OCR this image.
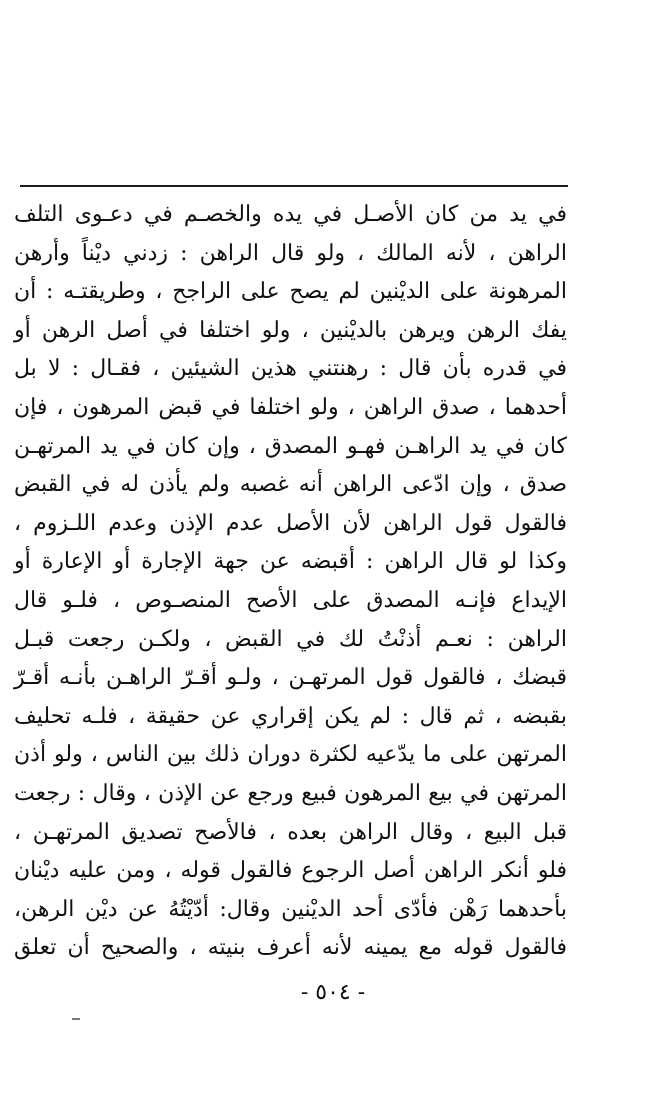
في يد من كان الأصـل في يده والخصـم في دعـوى التلف
الراهن ، لأنه المالك ، ولو قال الراهن : زدني ديْناً وأرهن
المرهونة على الديْنين لم يصح على الراجح ، وطريقتـه : أن
يفك الرهن ويرهن بالديْنين ، ولو اختلفا في أصل الرهن أو
في قدره بأن قال : رهنتني هذين الشيئين ، فقـال : لا بل
أحدهما ، صدق الراهن ، ولو اختلفا في قبض المرهون ، فإن
كان في يد الراهـن فهـو المصدق ، وإن كان في يد المرتهـن
صدق ، وإن ادّعى الراهن أنه غصبه ولم يأذن له في القبض
فالقول قول الراهن لأن الأصل عدم الإذن وعدم اللـزوم ،
وكذا لو قال الراهن : أقبضه عن جهة الإجارة أو الإعارة أو
الإيداع فإنـه المصدق على الأصح المنصـوص ، فلـو قال
الراهن : نعـم أذنْتُ لك في القبض ، ولكـن رجعت قبـل
قبضك ، فالقول قول المرتهـن ، ولـو أقـرّ الراهـن بأنـه أقـرّ
بقبضه ، ثم قال : لم يكن إقراري عن حقيقة ، فلـه تحليف
المرتهن على ما يدّعيه لكثرة دوران ذلك بين الناس ، ولو أذن
المرتهن في بيع المرهون فبيع ورجع عن الإذن ، وقال : رجعت
قبل البيع ، وقال الراهن بعده ، فالأصح تصديق المرتهـن ،
فلو أنكر الراهن أصل الرجوع فالقول قوله ، ومن عليه ديْنان
بأحدهما رَهْن فأدّى أحد الديْنين وقال: أدّيْتُهُ عن ديْن الرهن،
فالقول قوله مع يمينه لأنه أعرف بنيته ، والصحيح أن تعلق
- ٥٠٤ -
